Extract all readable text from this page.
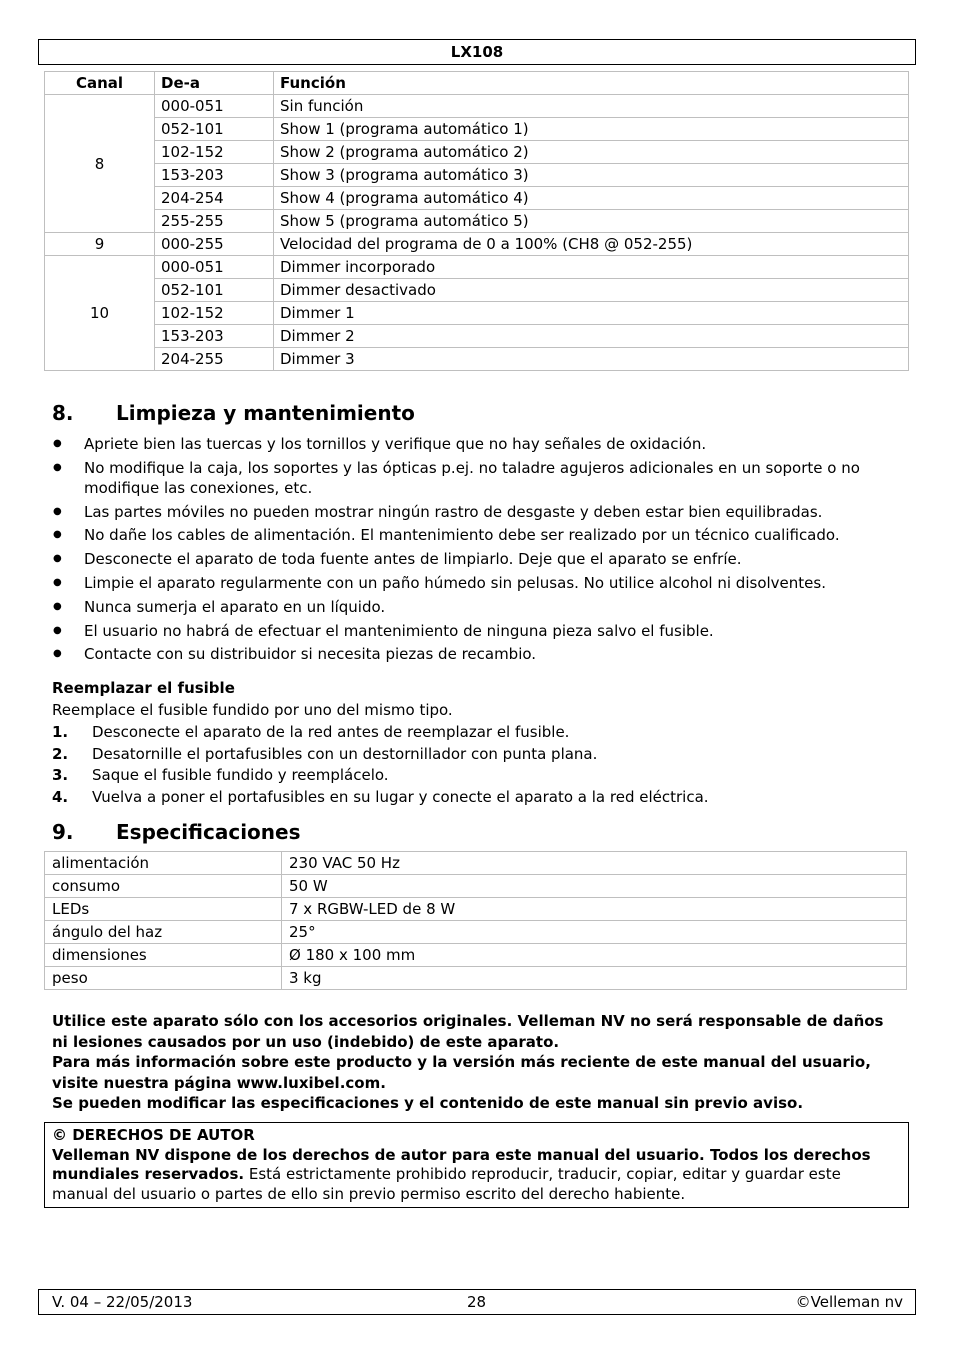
LX108
Canal	De-a	Función
8	000-051	Sin función
	052-101	Show 1 (programa automático 1)
	102-152	Show 2 (programa automático 2)
	153-203	Show 3 (programa automático 3)
	204-254	Show 4 (programa automático 4)
	255-255	Show 5 (programa automático 5)
9	000-255	Velocidad del programa de 0 a 100% (CH8 @ 052-255)
10	000-051	Dimmer incorporado
	052-101	Dimmer desactivado
	102-152	Dimmer 1
	153-203	Dimmer 2
	204-255	Dimmer 3
8. Limpieza y mantenimiento
● Apriete bien las tuercas y los tornillos y verifique que no hay señales de oxidación.
● No modifique la caja, los soportes y las ópticas p.ej. no taladre agujeros adicionales en un soporte o no modifique las conexiones, etc.
● Las partes móviles no pueden mostrar ningún rastro de desgaste y deben estar bien equilibradas.
● No dañe los cables de alimentación. El mantenimiento debe ser realizado por un técnico cualificado.
● Desconecte el aparato de toda fuente antes de limpiarlo. Deje que el aparato se enfríe.
● Limpie el aparato regularmente con un paño húmedo sin pelusas. No utilice alcohol ni disolventes.
● Nunca sumerja el aparato en un líquido.
● El usuario no habrá de efectuar el mantenimiento de ninguna pieza salvo el fusible.
● Contacte con su distribuidor si necesita piezas de recambio.
Reemplazar el fusible
Reemplace el fusible fundido por uno del mismo tipo.
1. Desconecte el aparato de la red antes de reemplazar el fusible.
2. Desatornille el portafusibles con un destornillador con punta plana.
3. Saque el fusible fundido y reemplácelo.
4. Vuelva a poner el portafusibles en su lugar y conecte el aparato a la red eléctrica.
9. Especificaciones
alimentación	230 VAC 50 Hz
consumo	50 W
LEDs	7 x RGBW-LED de 8 W
ángulo del haz	25°
dimensiones	Ø 180 x 100 mm
peso	3 kg
Utilice este aparato sólo con los accesorios originales. Velleman NV no será responsable de daños ni lesiones causados por un uso (indebido) de este aparato.
Para más información sobre este producto y la versión más reciente de este manual del usuario, visite nuestra página www.luxibel.com.
Se pueden modificar las especificaciones y el contenido de este manual sin previo aviso.
© DERECHOS DE AUTOR
Velleman NV dispone de los derechos de autor para este manual del usuario. Todos los derechos mundiales reservados. Está estrictamente prohibido reproducir, traducir, copiar, editar y guardar este manual del usuario o partes de ello sin previo permiso escrito del derecho habiente.
V. 04 – 22/05/2013	28	©Velleman nv
